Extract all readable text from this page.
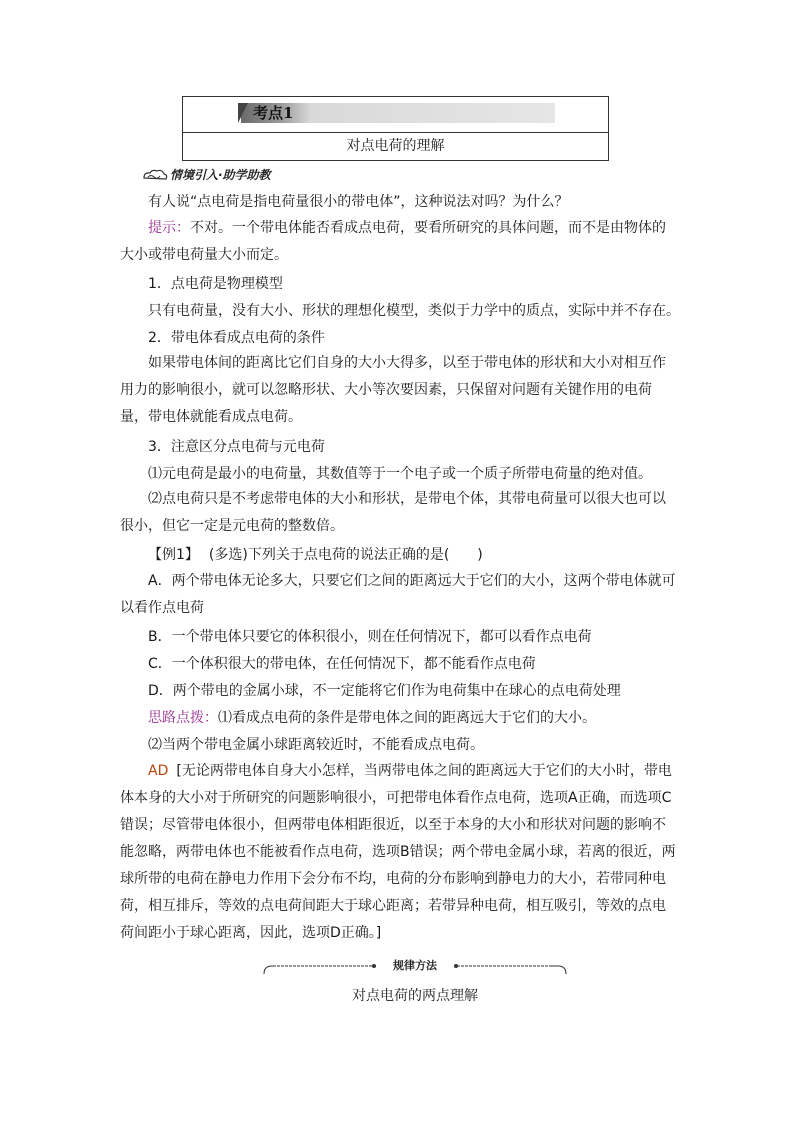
考点1
对点电荷的理解
情境引入·助学助教
有人说“点电荷是指电荷量很小的带电体”，这种说法对吗？为什么？
提示：不对。一个带电体能否看成点电荷，要看所研究的具体问题，而不是由物体的大小或带电荷量大小而定。
1．点电荷是物理模型
只有电荷量，没有大小、形状的理想化模型，类似于力学中的质点，实际中并不存在。
2．带电体看成点电荷的条件
如果带电体间的距离比它们自身的大小大得多，以至于带电体的形状和大小对相互作用力的影响很小，就可以忽略形状、大小等次要因素，只保留对问题有关键作用的电荷量，带电体就能看成点电荷。
3．注意区分点电荷与元电荷
⑴元电荷是最小的电荷量，其数值等于一个电子或一个质子所带电荷量的绝对值。
⑵点电荷只是不考虑带电体的大小和形状，是带电个体，其带电荷量可以很大也可以很小，但它一定是元电荷的整数倍。
【例1】 (多选)下列关于点电荷的说法正确的是(　　)
A．两个带电体无论多大，只要它们之间的距离远大于它们的大小，这两个带电体就可以看作点电荷
B．一个带电体只要它的体积很小，则在任何情况下，都可以看作点电荷
C．一个体积很大的带电体，在任何情况下，都不能看作点电荷
D．两个带电的金属小球，不一定能将它们作为电荷集中在球心的点电荷处理
思路点拨：⑴看成点电荷的条件是带电体之间的距离远大于它们的大小。
⑵当两个带电金属小球距离较近时，不能看成点电荷。
AD [无论两带电体自身大小怎样，当两带电体之间的距离远大于它们的大小时，带电体本身的大小对于所研究的问题影响很小，可把带电体看作点电荷，选项A正确，而选项C错误；尽管带电体很小，但两带电体相距很近，以至于本身的大小和形状对问题的影响不能忽略，两带电体也不能被看作点电荷，选项B错误；两个带电金属小球，若离的很近，两球所带的电荷在静电力作用下会分布不均，电荷的分布影响到静电力的大小，若带同种电荷，相互排斥，等效的点电荷间距大于球心距离；若带异种电荷，相互吸引，等效的点电荷间距小于球心距离，因此，选项D正确。]
规律方法
对点电荷的两点理解
